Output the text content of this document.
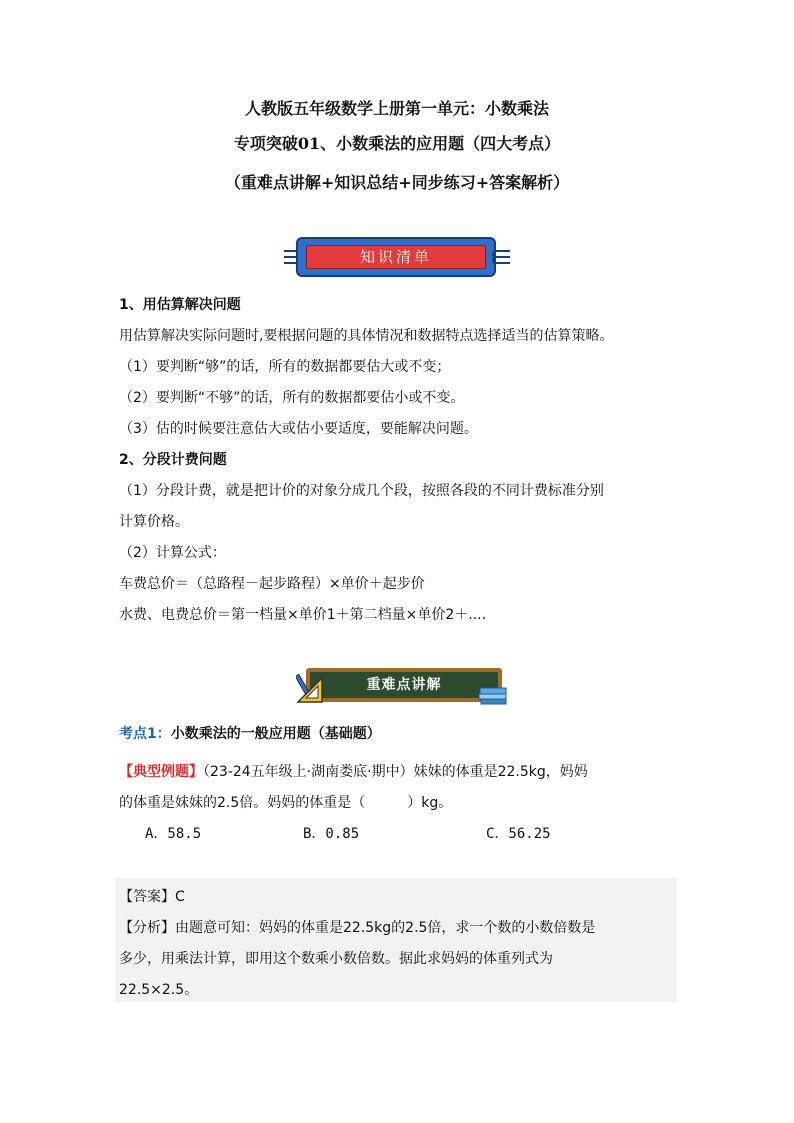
人教版五年级数学上册第一单元：小数乘法
专项突破01、小数乘法的应用题（四大考点）
（重难点讲解+知识总结+同步练习+答案解析）
知识清单
1、用估算解决问题
用估算解决实际问题时,要根据问题的具体情况和数据特点选择适当的估算策略。
（1）要判断“够”的话，所有的数据都要估大或不变；
（2）要判断“不够”的话，所有的数据都要估小或不变。
（3）估的时候要注意估大或估小要适度，要能解决问题。
2、分段计费问题
（1）分段计费，就是把计价的对象分成几个段，按照各段的不同计费标准分别
计算价格。
（2）计算公式：
车费总价＝（总路程－起步路程）×单价＋起步价
水费、电费总价＝第一档量×单价1＋第二档量×单价2＋....
重难点讲解
考点1：小数乘法的一般应用题（基础题）
【典型例题】（23-24五年级上·湖南娄底·期中）妹妹的体重是22.5kg，妈妈
的体重是妹妹的2.5倍。妈妈的体重是（　　　）kg。
A．58.5	B．0.85	C．56.25
【答案】C
【分析】由题意可知：妈妈的体重是22.5kg的2.5倍，求一个数的小数倍数是
多少，用乘法计算，即用这个数乘小数倍数。据此求妈妈的体重列式为
22.5×2.5。
